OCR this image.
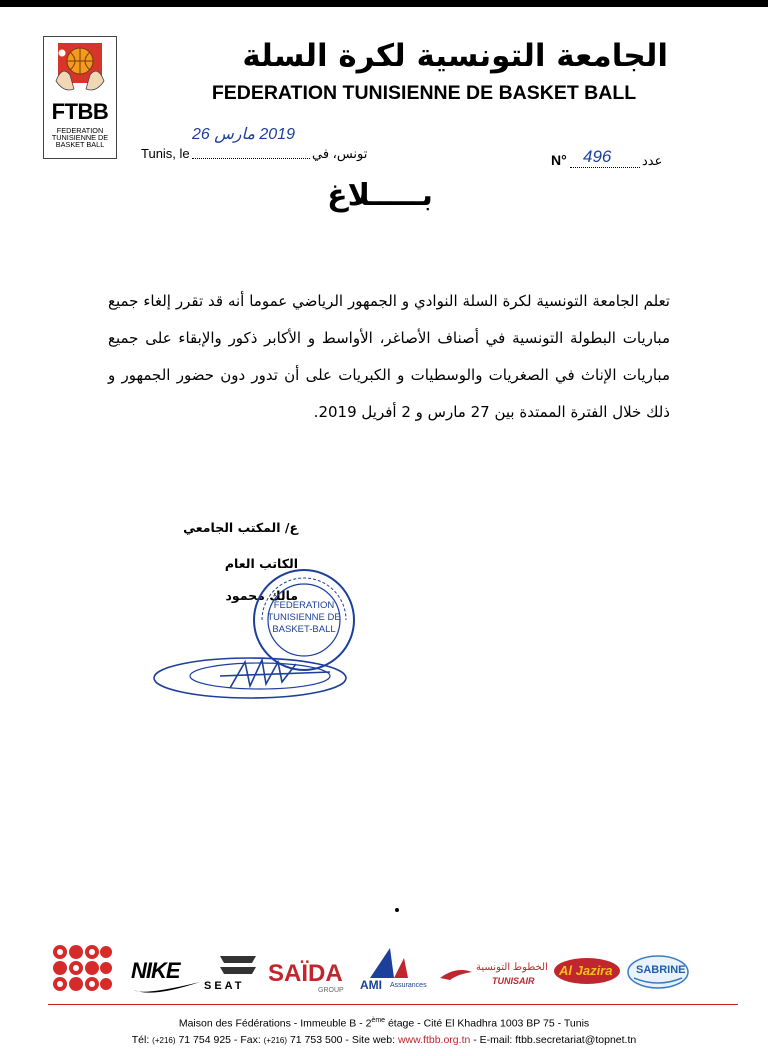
FTBB
FEDERATION
TUNISIENNE DE
BASKET BALL
الجامعة التونسية لكرة السلة
FEDERATION TUNISIENNE DE BASKET BALL
Tunis, le	تونس، في
2019 مارس 26
N° 496 عدد
بـــــلاغ
تعلم الجامعة التونسية لكرة السلة النوادي و الجمهور الرياضي عموما أنه قد تقرر إلغاء جميع مباريات البطولة التونسية في أصناف الأصاغر، الأواسط و الأكابر ذكور والإبقاء على جميع مباريات الإناث في الصغريات والوسطيات و الكبريات على أن تدور دون حضور الجمهور و ذلك خلال الفترة الممتدة بين 27 مارس و 2 أفريل 2019.
ع/ المكتب الجامعي
الكاتب العام
مالك محمود
FEDERATION
TUNISIENNE DE
BASKET-BALL
NIKE
SEAT SAÏDA
GROUP AMI Assurances
الخطوط التونسية
TUNISAIR
Al Jazira SABRINE
Maison des Fédérations - Immeuble B - 2ème étage - Cité El Khadhra 1003 BP 75 - Tunis
Tél: (+216) 71 754 925 - Fax: (+216) 71 753 500 - Site web: www.ftbb.org.tn - E-mail: ftbb.secretariat@topnet.tn
